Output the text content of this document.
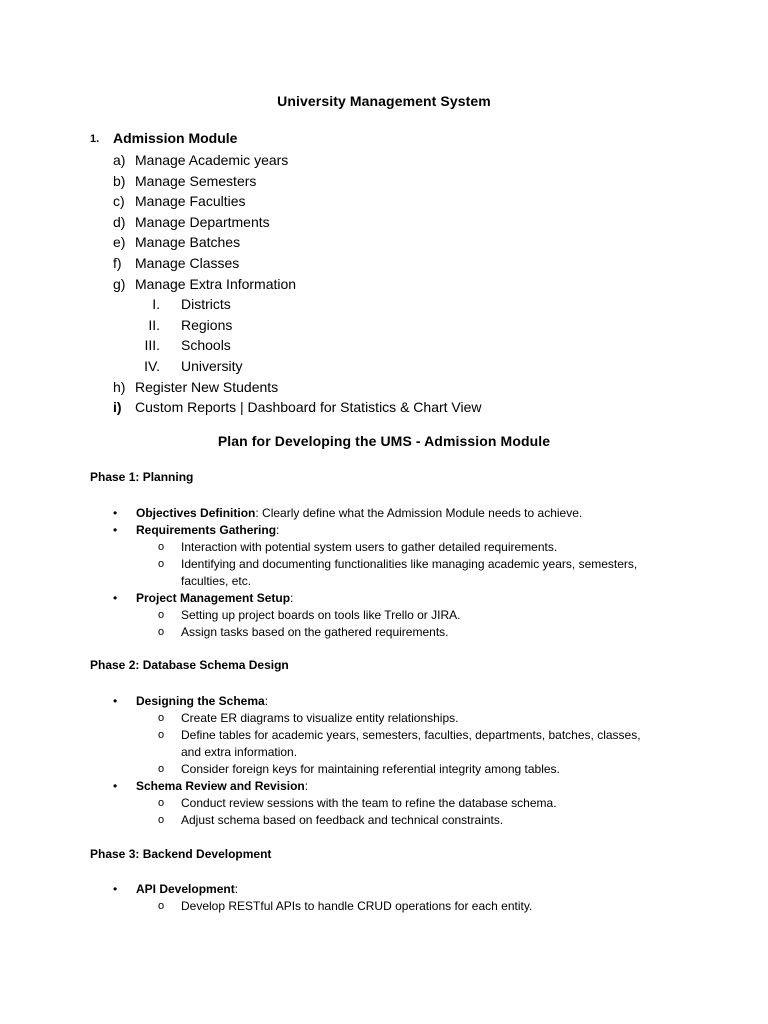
University Management System
1. Admission Module
a) Manage Academic years
b) Manage Semesters
c) Manage Faculties
d) Manage Departments
e) Manage Batches
f) Manage Classes
g) Manage Extra Information
I. Districts
II. Regions
III. Schools
IV. University
h) Register New Students
i) Custom Reports | Dashboard for Statistics & Chart View
Plan for Developing the UMS - Admission Module
Phase 1: Planning
• Objectives Definition: Clearly define what the Admission Module needs to achieve.
• Requirements Gathering:
o Interaction with potential system users to gather detailed requirements.
o Identifying and documenting functionalities like managing academic years, semesters, faculties, etc.
• Project Management Setup:
o Setting up project boards on tools like Trello or JIRA.
o Assign tasks based on the gathered requirements.
Phase 2: Database Schema Design
• Designing the Schema:
o Create ER diagrams to visualize entity relationships.
o Define tables for academic years, semesters, faculties, departments, batches, classes, and extra information.
o Consider foreign keys for maintaining referential integrity among tables.
• Schema Review and Revision:
o Conduct review sessions with the team to refine the database schema.
o Adjust schema based on feedback and technical constraints.
Phase 3: Backend Development
• API Development:
o Develop RESTful APIs to handle CRUD operations for each entity.
